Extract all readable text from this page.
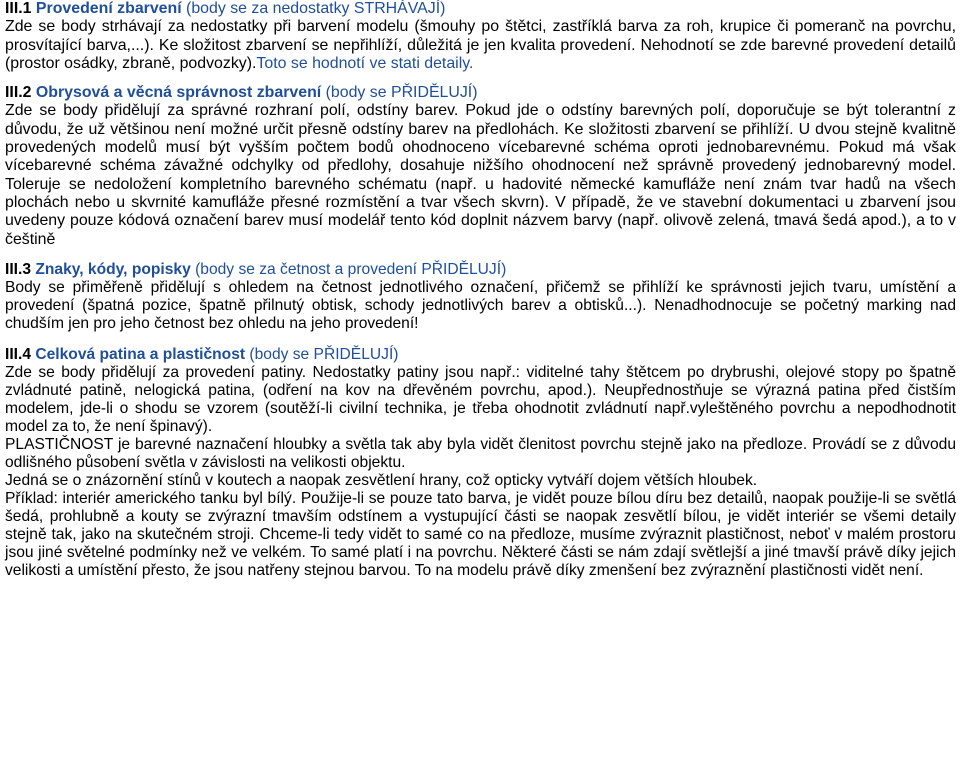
III.1 Provedení zbarvení (body se za nedostatky STRHÁVAJÍ)
Zde se body strhávají za nedostatky při barvení modelu (šmouhy po štětci, zastříklá barva za roh, krupice či pomeranč na povrchu, prosvítající barva,...). Ke složitost zbarvení se nepřihlíží, důležitá je jen kvalita provedení. Nehodnotí se zde barevné provedení detailů (prostor osádky, zbraně, podvozky).Toto se hodnotí ve stati detaily.

III.2 Obrysová a věcná správnost zbarvení (body se PŘIDĚLUJÍ)
Zde se body přidělují za správné rozhraní polí, odstíny barev. Pokud jde o odstíny barevných polí, doporučuje se být tolerantní z důvodu, že už většinou není možné určit přesně odstíny barev na předlohách. Ke složitosti zbarvení se přihlíží. U dvou stejně kvalitně provedených modelů musí být vyšším počtem bodů ohodnoceno vícebarevné schéma oproti jednobarevnému. Pokud má však vícebarevné schéma závažné odchylky od předlohy, dosahuje nižšího ohodnocení než správně provedený jednobarevný model. Toleruje se nedoložení kompletního barevného schématu (např. u hadovité německé kamufláže není znám tvar hadů na všech plochách nebo u skvrnité kamufláže přesné rozmístění a tvar všech skvrn). V případě, že ve stavební dokumentaci u zbarvení jsou uvedeny pouze kódová označení barev musí modelář tento kód doplnit názvem barvy (např. olivově zelená, tmavá šedá apod.), a to v češtině

III.3 Znaky, kódy, popisky (body se za četnost a provedení PŘIDĚLUJÍ)
Body se přiměřeně přidělují s ohledem na četnost jednotlivého označení, přičemž se přihlíží ke správnosti jejich tvaru, umístění a provedení (špatná pozice, špatně přilnutý obtisk, schody jednotlivých barev a obtisků...). Nenadhodnocuje se početný marking nad chudším jen pro jeho četnost bez ohledu na jeho provedení!

III.4 Celková patina a plastičnost (body se PŘIDĚLUJÍ)
Zde se body přidělují za provedení patiny. Nedostatky patiny jsou např.: viditelné tahy štětcem po drybrushi, olejové stopy po špatně zvládnuté patině, nelogická patina, (odření na kov na dřevěném povrchu, apod.). Neupřednostňuje se výrazná patina před čistším modelem, jde-li o shodu se vzorem (soutěží-li civilní technika, je třeba ohodnotit zvládnutí např.vyleštěného povrchu a nepodhodnotit model za to, že není špinavý).

PLASTIČNOST je barevné naznačení hloubky a světla tak aby byla vidět členitost povrchu stejně jako na předloze. Provádí se z důvodu odlišného působení světla v závislosti na velikosti objektu.

Jedná se o znázornění stínů v koutech a naopak zesvětlení hrany, což opticky vytváří dojem větších hloubek.

Příklad: interiér amerického tanku byl bílý. Použije-li se pouze tato barva, je vidět pouze bílou díru bez detailů, naopak použije-li se světlá šedá, prohlubně a kouty se zvýrazní tmavším odstínem a vystupující části se naopak zesvětlí bílou, je vidět interiér se všemi detaily stejně tak, jako na skutečném stroji. Chceme-li tedy vidět to samé co na předloze, musíme zvýraznit plastičnost, neboť v malém prostoru jsou jiné světelné podmínky než ve velkém. To samé platí i na povrchu. Některé části se nám zdají světlejší a jiné tmavší právě díky jejich velikosti a umístění přesto, že jsou natřeny stejnou barvou. To na modelu právě díky zmenšení bez zvýraznění plastičnosti vidět není.
